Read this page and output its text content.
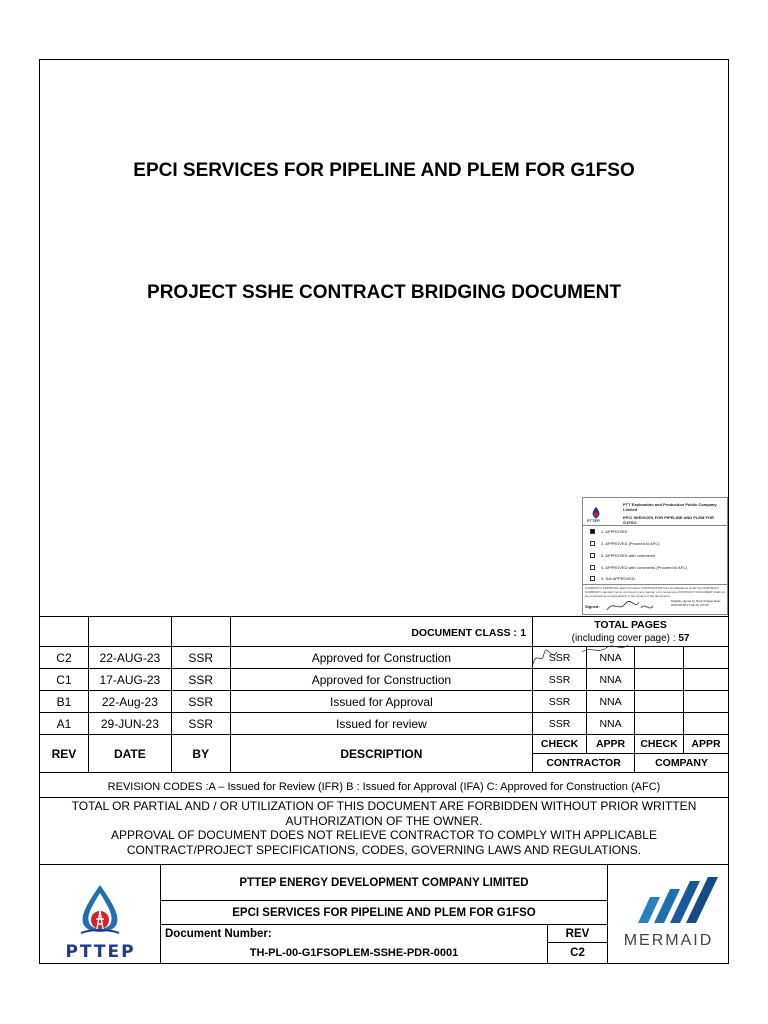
EPCI SERVICES FOR PIPELINE AND PLEM FOR G1FSO
PROJECT SSHE CONTRACT BRIDGING DOCUMENT
PTTEP
PTT Exploration and Production Public Company Limited
EPCI SERVICES FOR PIPELINE AND PLEM FOR G1FSO
1. APPROVED
2. APPROVED (Proceed to AFC)
3. APPROVED with comments
4. APPROVED with comments (Proceed to AFC)
5. Not APPROVED
COMPANY's APPROVAL shall not relieve CONTRACTOR from its obligations under the CONTRACT. COMPANY's decision not to comment in any manner or to review any CONTRACT DOCUMENT shall not be construed as an acceptance of the content of the documents.
Signed:
Digitally signed by Nirut Chaiwe Date: 2023.08.28 17:39:44 +07'00'
			DOCUMENT CLASS : 1	TOTAL PAGES
(including cover page) : 57			

C2	22-AUG-23	SSR	Approved for Construction	SSR	NNA		
C1	17-AUG-23	SSR	Approved for Construction	SSR	NNA		
B1	22-Aug-23	SSR	Issued for Approval	SSR	NNA		
A1	29-JUN-23	SSR	Issued for review	SSR	NNA		
REV	DATE	BY	DESCRIPTION	CHECK	APPR	CHECK	APPR
				CONTRACTOR		COMPANY	
REVISION CODES :A – Issued for Review (IFR) B : Issued for Approval (IFA) C: Approved for Construction (AFC)
TOTAL OR PARTIAL AND / OR UTILIZATION OF THIS DOCUMENT ARE FORBIDDEN WITHOUT PRIOR WRITTEN
AUTHORIZATION OF THE OWNER.
APPROVAL OF DOCUMENT DOES NOT RELIEVE CONTRACTOR TO COMPLY WITH APPLICABLE
CONTRACT/PROJECT SPECIFICATIONS, CODES, GOVERNING LAWS AND REGULATIONS.
PTTEP
PTTEP ENERGY DEVELOPMENT COMPANY LIMITED
EPCI SERVICES FOR PIPELINE AND PLEM FOR G1FSO
Document Number:
TH-PL-00-G1FSOPLEM-SSHE-PDR-0001
REV
C2
MERMAID
